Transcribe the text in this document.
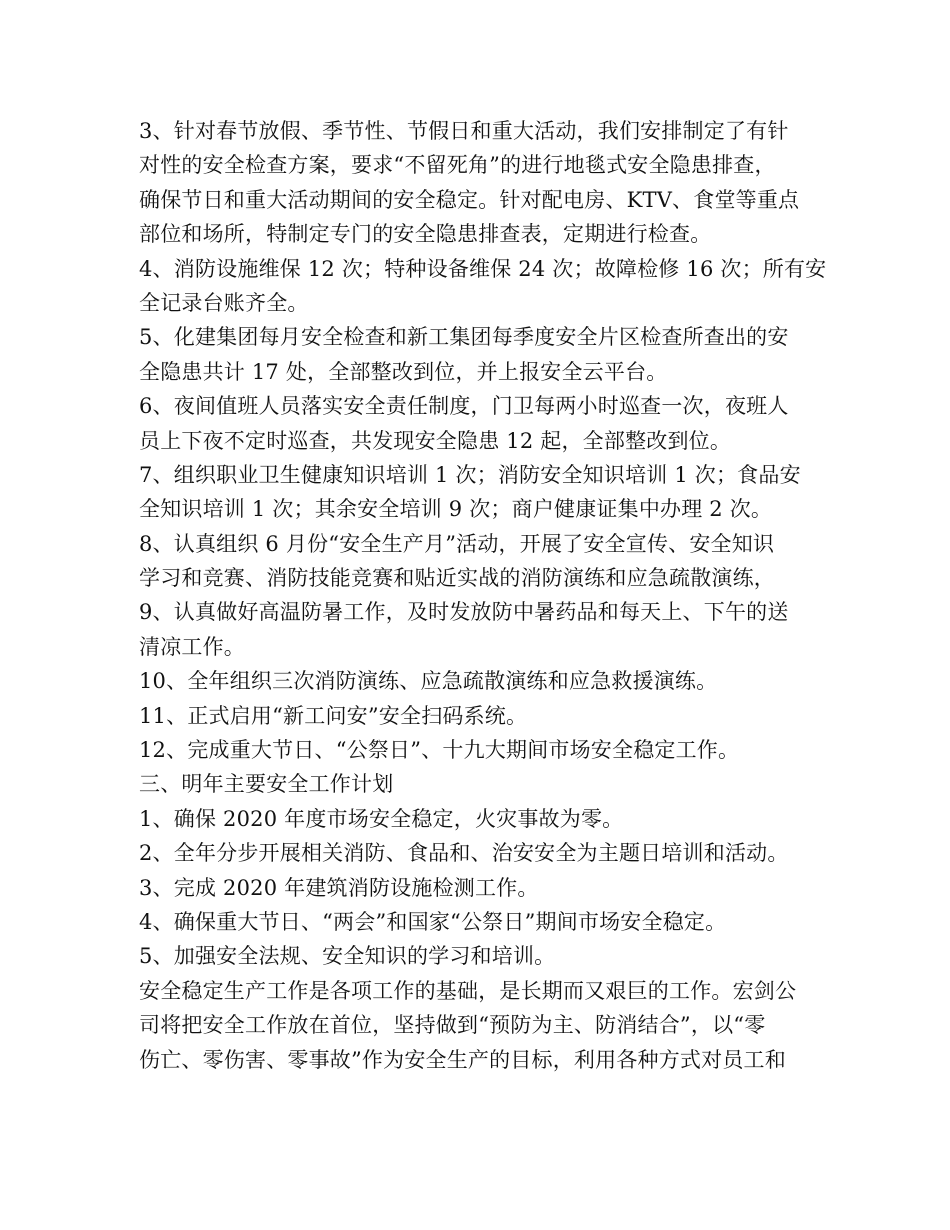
3、针对春节放假、季节性、节假日和重大活动，我们安排制定了有针
对性的安全检查方案，要求“不留死角”的进行地毯式安全隐患排查，
确保节日和重大活动期间的安全稳定。针对配电房、KTV、食堂等重点
部位和场所，特制定专门的安全隐患排查表，定期进行检查。
4、消防设施维保 12 次；特种设备维保 24 次；故障检修 16 次；所有安
全记录台账齐全。
5、化建集团每月安全检查和新工集团每季度安全片区检查所查出的安
全隐患共计 17 处，全部整改到位，并上报安全云平台。
6、夜间值班人员落实安全责任制度，门卫每两小时巡查一次，夜班人
员上下夜不定时巡查，共发现安全隐患 12 起，全部整改到位。
7、组织职业卫生健康知识培训 1 次；消防安全知识培训 1 次；食品安
全知识培训 1 次；其余安全培训 9 次；商户健康证集中办理 2 次。
8、认真组织 6 月份“安全生产月”活动，开展了安全宣传、安全知识
学习和竞赛、消防技能竞赛和贴近实战的消防演练和应急疏散演练，
9、认真做好高温防暑工作，及时发放防中暑药品和每天上、下午的送
清凉工作。
10、全年组织三次消防演练、应急疏散演练和应急救援演练。
11、正式启用“新工问安”安全扫码系统。
12、完成重大节日、“公祭日”、十九大期间市场安全稳定工作。
三、明年主要安全工作计划
1、确保 2020 年度市场安全稳定，火灾事故为零。
2、全年分步开展相关消防、食品和、治安安全为主题日培训和活动。
3、完成 2020 年建筑消防设施检测工作。
4、确保重大节日、“两会”和国家“公祭日”期间市场安全稳定。
5、加强安全法规、安全知识的学习和培训。
安全稳定生产工作是各项工作的基础，是长期而又艰巨的工作。宏剑公
司将把安全工作放在首位，坚持做到“预防为主、防消结合”，以“零
伤亡、零伤害、零事故”作为安全生产的目标，利用各种方式对员工和
